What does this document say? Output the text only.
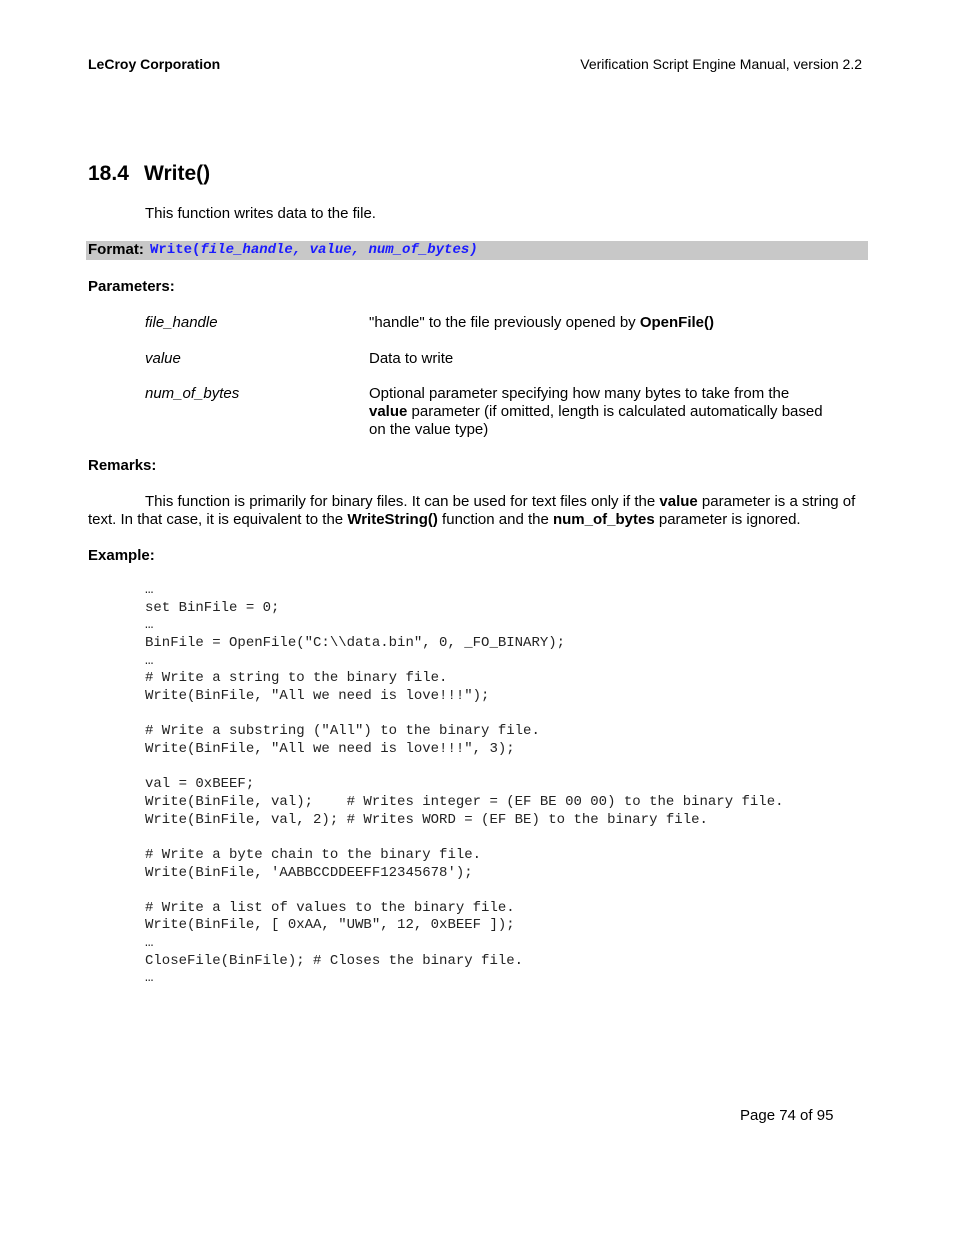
LeCroy Corporation	Verification Script Engine Manual, version 2.2
18.4 Write()
This function writes data to the file.
Format: Write(file_handle, value, num_of_bytes)
Parameters:
file_handle	"handle" to the file previously opened by OpenFile()
value	Data to write
num_of_bytes	Optional parameter specifying how many bytes to take from the value parameter (if omitted, length is calculated automatically based on the value type)
Remarks:
This function is primarily for binary files. It can be used for text files only if the value parameter is a string of text. In that case, it is equivalent to the WriteString() function and the num_of_bytes parameter is ignored.
Example:
…
set BinFile = 0;
…
BinFile = OpenFile("C:\\data.bin", 0, _FO_BINARY);
…
# Write a string to the binary file.
Write(BinFile, "All we need is love!!!");

# Write a substring ("All") to the binary file.
Write(BinFile, "All we need is love!!!", 3);

val = 0xBEEF;
Write(BinFile, val);    # Writes integer = (EF BE 00 00) to the binary file.
Write(BinFile, val, 2); # Writes WORD = (EF BE) to the binary file.

# Write a byte chain to the binary file.
Write(BinFile, 'AABBCCDDEEFF12345678');

# Write a list of values to the binary file.
Write(BinFile, [ 0xAA, "UWB", 12, 0xBEEF ]);
…
CloseFile(BinFile); # Closes the binary file.
…
Page 74 of 95
